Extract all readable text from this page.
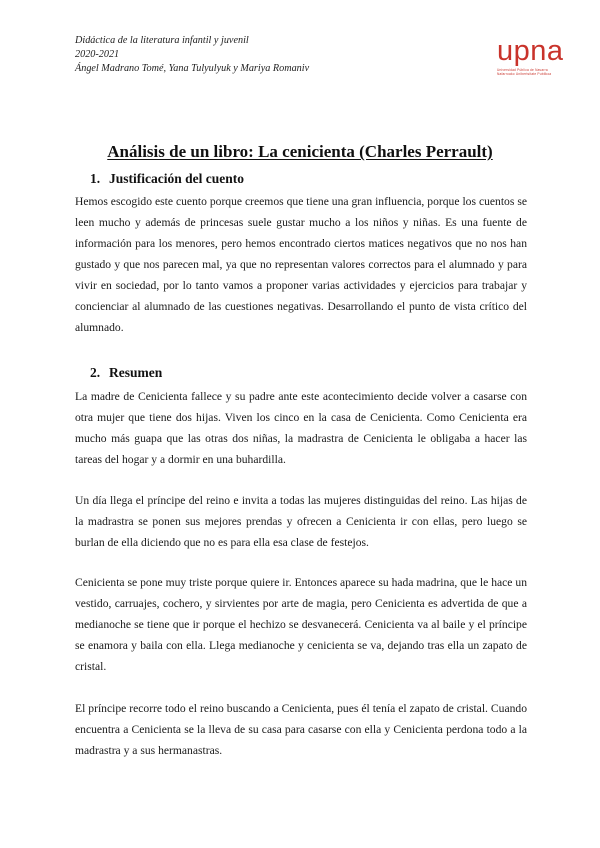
Didáctica de la literatura infantil y juvenil
2020-2021
Ángel Madrano Tomé, Yana Tulyulyuk y Mariya Romaniv
upna
Universidad Pública de Navarra
Nafarroako Unibertsitate Publikoa
Análisis de un libro: La cenicienta (Charles Perrault)
1. Justificación del cuento

Hemos escogido este cuento porque creemos que tiene una gran influencia, porque los cuentos se leen mucho y además de princesas suele gustar mucho a los niños y niñas. Es una fuente de información para los menores, pero hemos encontrado ciertos matices negativos que no nos han gustado y que nos parecen mal, ya que no representan valores correctos para el alumnado y para vivir en sociedad, por lo tanto vamos a proponer varias actividades y ejercicios para trabajar y concienciar al alumnado de las cuestiones negativas. Desarrollando el punto de vista crítico del alumnado.

2. Resumen

La madre de Cenicienta fallece y su padre ante este acontecimiento decide volver a casarse con otra mujer que tiene dos hijas. Viven los cinco en la casa de Cenicienta. Como Cenicienta era mucho más guapa que las otras dos niñas, la madrastra de Cenicienta le obligaba a hacer las tareas del hogar y a dormir en una buhardilla.

Un día llega el príncipe del reino e invita a todas las mujeres distinguidas del reino. Las hijas de la madrastra se ponen sus mejores prendas y ofrecen a Cenicienta ir con ellas, pero luego se burlan de ella diciendo que no es para ella esa clase de festejos.

Cenicienta se pone muy triste porque quiere ir. Entonces aparece su hada madrina, que le hace un vestido, carruajes, cochero, y sirvientes por arte de magia, pero Cenicienta es advertida de que a medianoche se tiene que ir porque el hechizo se desvanecerá. Cenicienta va al baile y el príncipe se enamora y baila con ella. Llega medianoche y cenicienta se va, dejando tras ella un zapato de cristal.

El príncipe recorre todo el reino buscando a Cenicienta, pues él tenía el zapato de cristal. Cuando encuentra a Cenicienta se la lleva de su casa para casarse con ella y Cenicienta perdona todo a la madrastra y a sus hermanastras.
